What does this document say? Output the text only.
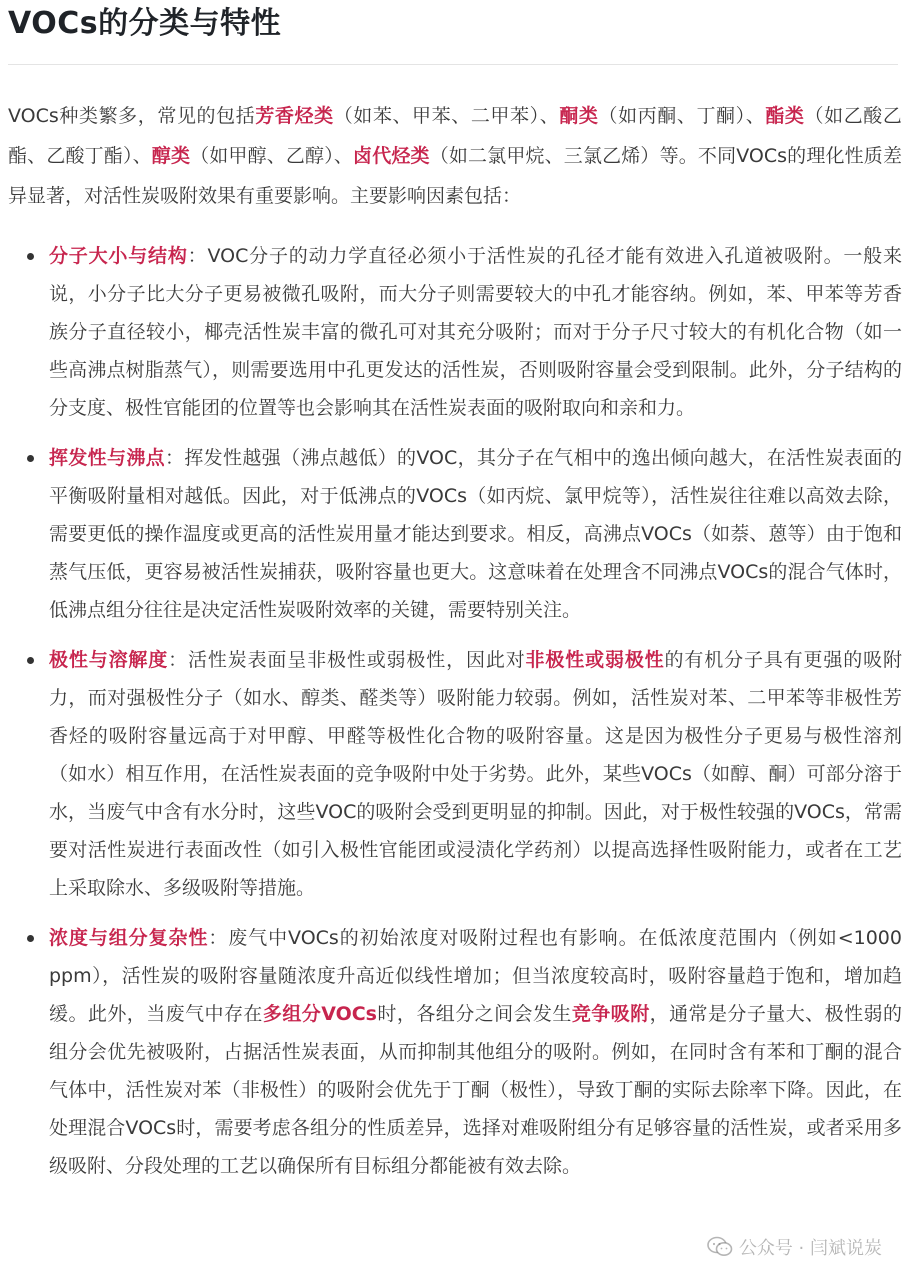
VOCs的分类与特性

VOCs种类繁多，常见的包括芳香烃类（如苯、甲苯、二甲苯）、酮类（如丙酮、丁酮）、酯类（如乙酸乙酯、乙酸丁酯）、醇类（如甲醇、乙醇）、卤代烃类（如二氯甲烷、三氯乙烯）等。不同VOCs的理化性质差异显著，对活性炭吸附效果有重要影响。主要影响因素包括：

分子大小与结构：VOC分子的动力学直径必须小于活性炭的孔径才能有效进入孔道被吸附。一般来说，小分子比大分子更易被微孔吸附，而大分子则需要较大的中孔才能容纳。例如，苯、甲苯等芳香族分子直径较小，椰壳活性炭丰富的微孔可对其充分吸附；而对于分子尺寸较大的有机化合物（如一些高沸点树脂蒸气），则需要选用中孔更发达的活性炭，否则吸附容量会受到限制。此外，分子结构的分支度、极性官能团的位置等也会影响其在活性炭表面的吸附取向和亲和力。
挥发性与沸点：挥发性越强（沸点越低）的VOC，其分子在气相中的逸出倾向越大，在活性炭表面的平衡吸附量相对越低。因此，对于低沸点的VOCs（如丙烷、氯甲烷等），活性炭往往难以高效去除，需要更低的操作温度或更高的活性炭用量才能达到要求。相反，高沸点VOCs（如萘、蒽等）由于饱和蒸气压低，更容易被活性炭捕获，吸附容量也更大。这意味着在处理含不同沸点VOCs的混合气体时，低沸点组分往往是决定活性炭吸附效率的关键，需要特别关注。
极性与溶解度：活性炭表面呈非极性或弱极性，因此对非极性或弱极性的有机分子具有更强的吸附力，而对强极性分子（如水、醇类、醛类等）吸附能力较弱。例如，活性炭对苯、二甲苯等非极性芳香烃的吸附容量远高于对甲醇、甲醛等极性化合物的吸附容量。这是因为极性分子更易与极性溶剂（如水）相互作用，在活性炭表面的竞争吸附中处于劣势。此外，某些VOCs（如醇、酮）可部分溶于水，当废气中含有水分时，这些VOC的吸附会受到更明显的抑制。因此，对于极性较强的VOCs，常需要对活性炭进行表面改性（如引入极性官能团或浸渍化学药剂）以提高选择性吸附能力，或者在工艺上采取除水、多级吸附等措施。
浓度与组分复杂性：废气中VOCs的初始浓度对吸附过程也有影响。在低浓度范围内（例如<1000 ppm），活性炭的吸附容量随浓度升高近似线性增加；但当浓度较高时，吸附容量趋于饱和，增加趋缓。此外，当废气中存在多组分VOCs时，各组分之间会发生竞争吸附，通常是分子量大、极性弱的组分会优先被吸附，占据活性炭表面，从而抑制其他组分的吸附。例如，在同时含有苯和丁酮的混合气体中，活性炭对苯（非极性）的吸附会优先于丁酮（极性），导致丁酮的实际去除率下降。因此，在处理混合VOCs时，需要考虑各组分的性质差异，选择对难吸附组分有足够容量的活性炭，或者采用多级吸附、分段处理的工艺以确保所有目标组分都能被有效去除。
公众号 · 闫斌说炭
